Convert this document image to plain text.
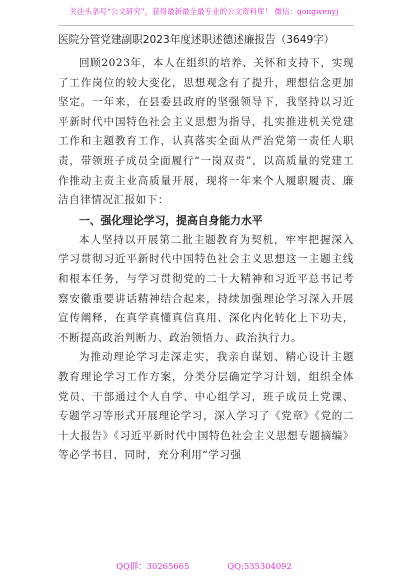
关注头条号“公文研究”，获得最新最全最专业的公文资料库！ 微信：gongwenyj

医院分管党建副职2023年度述职述德述廉报告（3649字）

回顾2023年，本人在组织的培养、关怀和支持下，实现了工作岗位的较大变化，思想观念有了提升，理想信念更加坚定。一年来，在县委县政府的坚强领导下，我坚持以习近平新时代中国特色社会主义思想为指导，扎实推进机关党建工作和主题教育工作，认真落实全面从严治党第一责任人职责，带领班子成员全面履行“一岗双责”，以高质量的党建工作推动主责主业高质量开展，现将一年来个人履职履责、廉洁自律情况汇报如下：

一、强化理论学习，提高自身能力水平

本人坚持以开展第二批主题教育为契机，牢牢把握深入学习贯彻习近平新时代中国特色社会主义思想这一主题主线和根本任务，与学习贯彻党的二十大精神和习近平总书记考察安徽重要讲话精神结合起来，持续加强理论学习深入开展宣传阐释，在真学真懂真信真用、深化内化转化上下功夫，不断提高政治判断力、政治领悟力、政治执行力。

为推动理论学习走深走实，我亲自谋划、精心设计主题教育理论学习工作方案，分类分层确定学习计划，组织全体党员、干部通过个人自学、中心组学习，班子成员上党课、专题学习等形式开展理论学习，深入学习了《党章》《党的二十大报告》《习近平新时代中国特色社会主义思想专题摘编》等必学书目，同时，充分利用“学习强

QQ群：30265665	QQ:535304092
